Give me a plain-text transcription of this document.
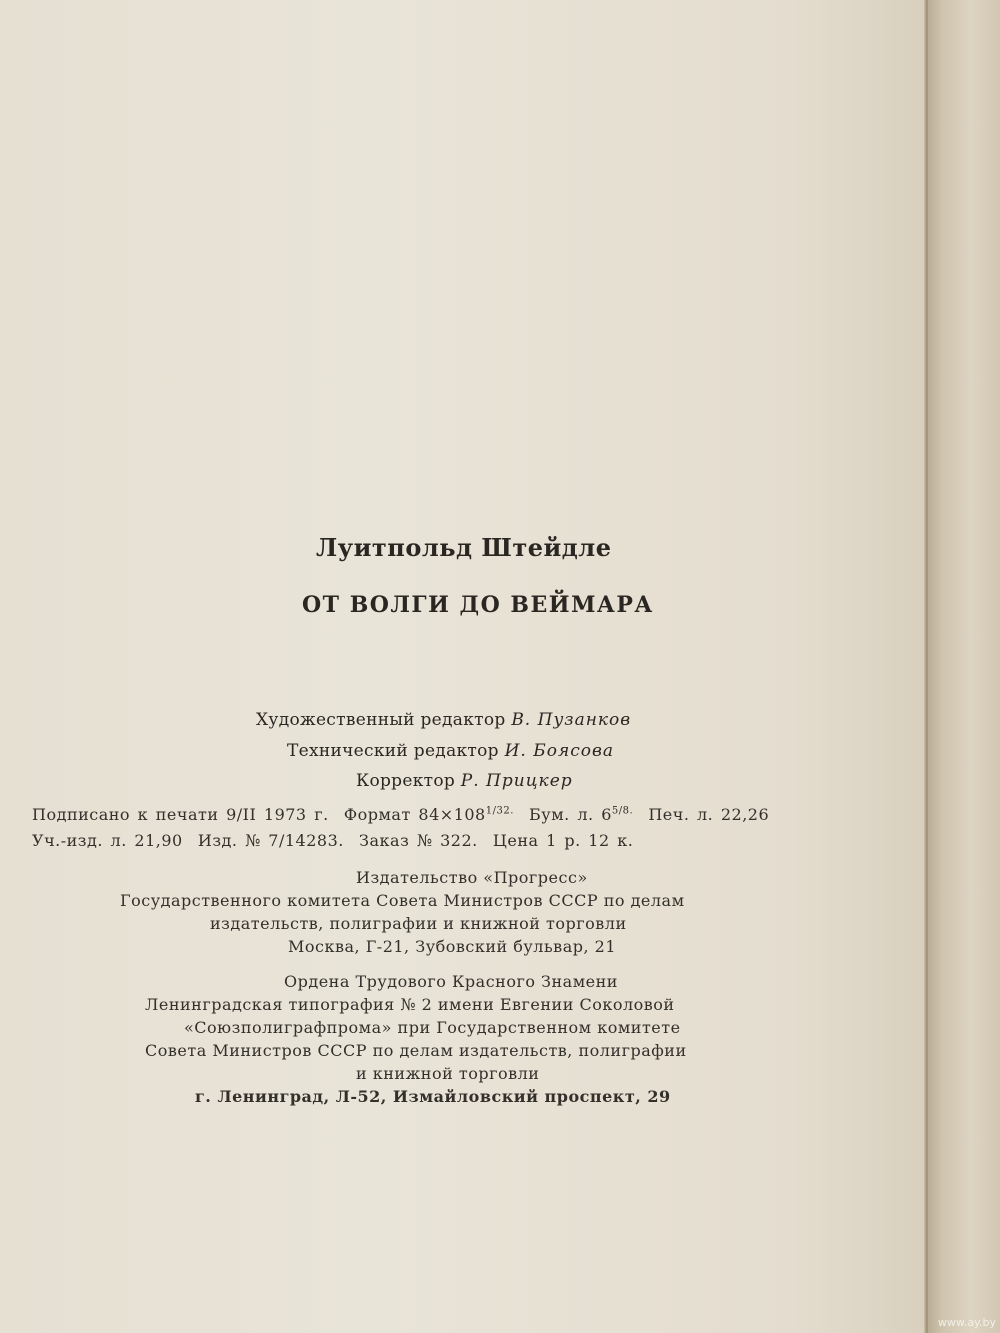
Луитпольд Штейдле
ОТ ВОЛГИ ДО ВЕЙМАРА
Художественный редактор В. Пузанков
Технический редактор И. Боясова
Корректор Р. Прицкер
Подписано к печати 9/II 1973 г. Формат $84\times 108^{1/32.}$ Бум. л. $6^{5/8.}$ Печ. л. 22,26
Уч.-изд. л. 21,90 Изд. № 7/14283. Заказ № 322. Цена 1 р. 12 к.
Издательство «Прогресс»
Государственного комитета Совета Министров СССР по делам
издательств, полиграфии и книжной торговли
Москва, Г-21, Зубовский бульвар, 21
Ордена Трудового Красного Знамени
Ленинградская типография № 2 имени Евгении Соколовой
«Союзполиграфпрома» при Государственном комитете
Совета Министров СССР по делам издательств, полиграфии
и книжной торговли
г. Ленинград, Л-52, Измайловский проспект, 29
www.ay.by
